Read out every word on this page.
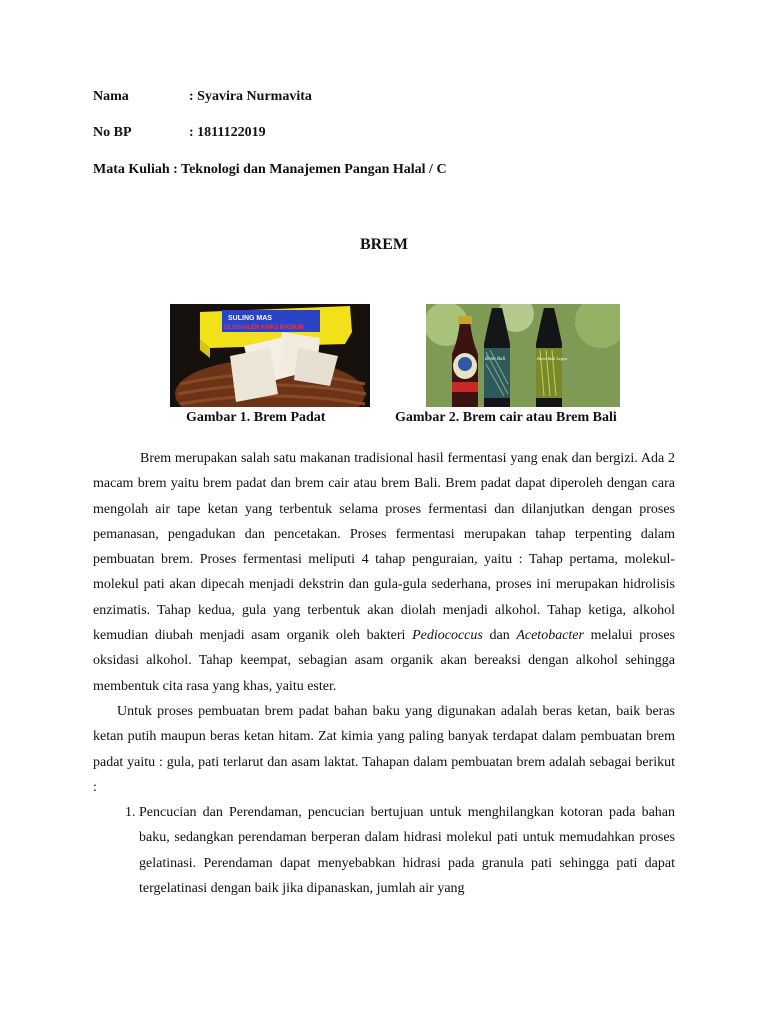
Nama	: Syavira Nurmavita
No BP	: 1811122019
Mata Kuliah : Teknologi dan Manajemen Pangan Halal / C
BREM
SULING MAS
OLEH-OLEH KHAS MADIUN
Brem Bali	Brem Bali Legen
Gambar 1. Brem Padat	Gambar 2. Brem cair atau Brem Bali

Brem merupakan salah satu makanan tradisional hasil fermentasi yang enak dan bergizi. Ada 2 macam brem yaitu brem padat dan brem cair atau brem Bali. Brem padat dapat diperoleh dengan cara mengolah air tape ketan yang terbentuk selama proses fermentasi dan dilanjutkan dengan proses pemanasan, pengadukan dan pencetakan. Proses fermentasi merupakan tahap terpenting dalam pembuatan brem. Proses fermentasi meliputi 4 tahap penguraian, yaitu : Tahap pertama, molekul-molekul pati akan dipecah menjadi dekstrin dan gula-gula sederhana, proses ini merupakan hidrolisis enzimatis. Tahap kedua, gula yang terbentuk akan diolah menjadi alkohol. Tahap ketiga, alkohol kemudian diubah menjadi asam organik oleh bakteri Pediococcus dan Acetobacter melalui proses oksidasi alkohol. Tahap keempat, sebagian asam organik akan bereaksi dengan alkohol sehingga membentuk cita rasa yang khas, yaitu ester.

Untuk proses pembuatan brem padat bahan baku yang digunakan adalah beras ketan, baik beras ketan putih maupun beras ketan hitam. Zat kimia yang paling banyak terdapat dalam pembuatan brem padat yaitu : gula, pati terlarut dan asam laktat. Tahapan dalam pembuatan brem adalah sebagai berikut :

1. Pencucian dan Perendaman, pencucian bertujuan untuk menghilangkan kotoran pada bahan baku, sedangkan perendaman berperan dalam hidrasi molekul pati untuk memudahkan proses gelatinasi. Perendaman dapat menyebabkan hidrasi pada granula pati sehingga pati dapat tergelatinasi dengan baik jika dipanaskan, jumlah air yang
